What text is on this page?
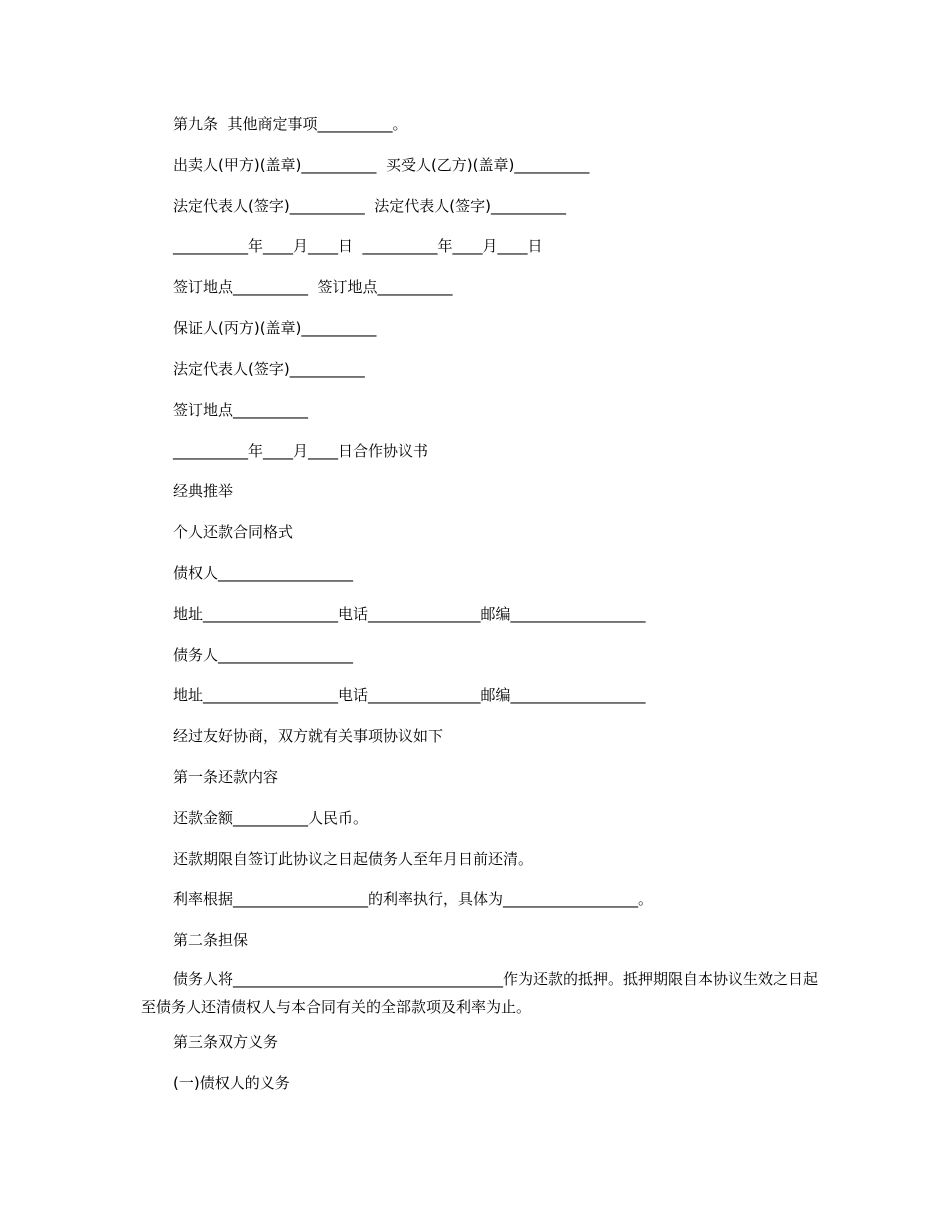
第九条  其他商定事项__________。
出卖人(甲方)(盖章)__________  买受人(乙方)(盖章)__________
法定代表人(签字)__________  法定代表人(签字)__________
__________年____月____日  __________年____月____日
签订地点__________  签订地点__________
保证人(丙方)(盖章)__________
法定代表人(签字)__________
签订地点__________
__________年____月____日合作协议书
经典推举
个人还款合同格式
债权人__________________
地址__________________电话_______________邮编__________________
债务人__________________
地址__________________电话_______________邮编__________________
经过友好协商，双方就有关事项协议如下
第一条还款内容
还款金额__________人民币。
还款期限自签订此协议之日起债务人至年月日前还清。
利率根据__________________的利率执行，具体为__________________。
第二条担保
债务人将____________________________________作为还款的抵押。抵押期限自本协议生效之日起至债务人还清债权人与本合同有关的全部款项及利率为止。
第三条双方义务
(一)债权人的义务
